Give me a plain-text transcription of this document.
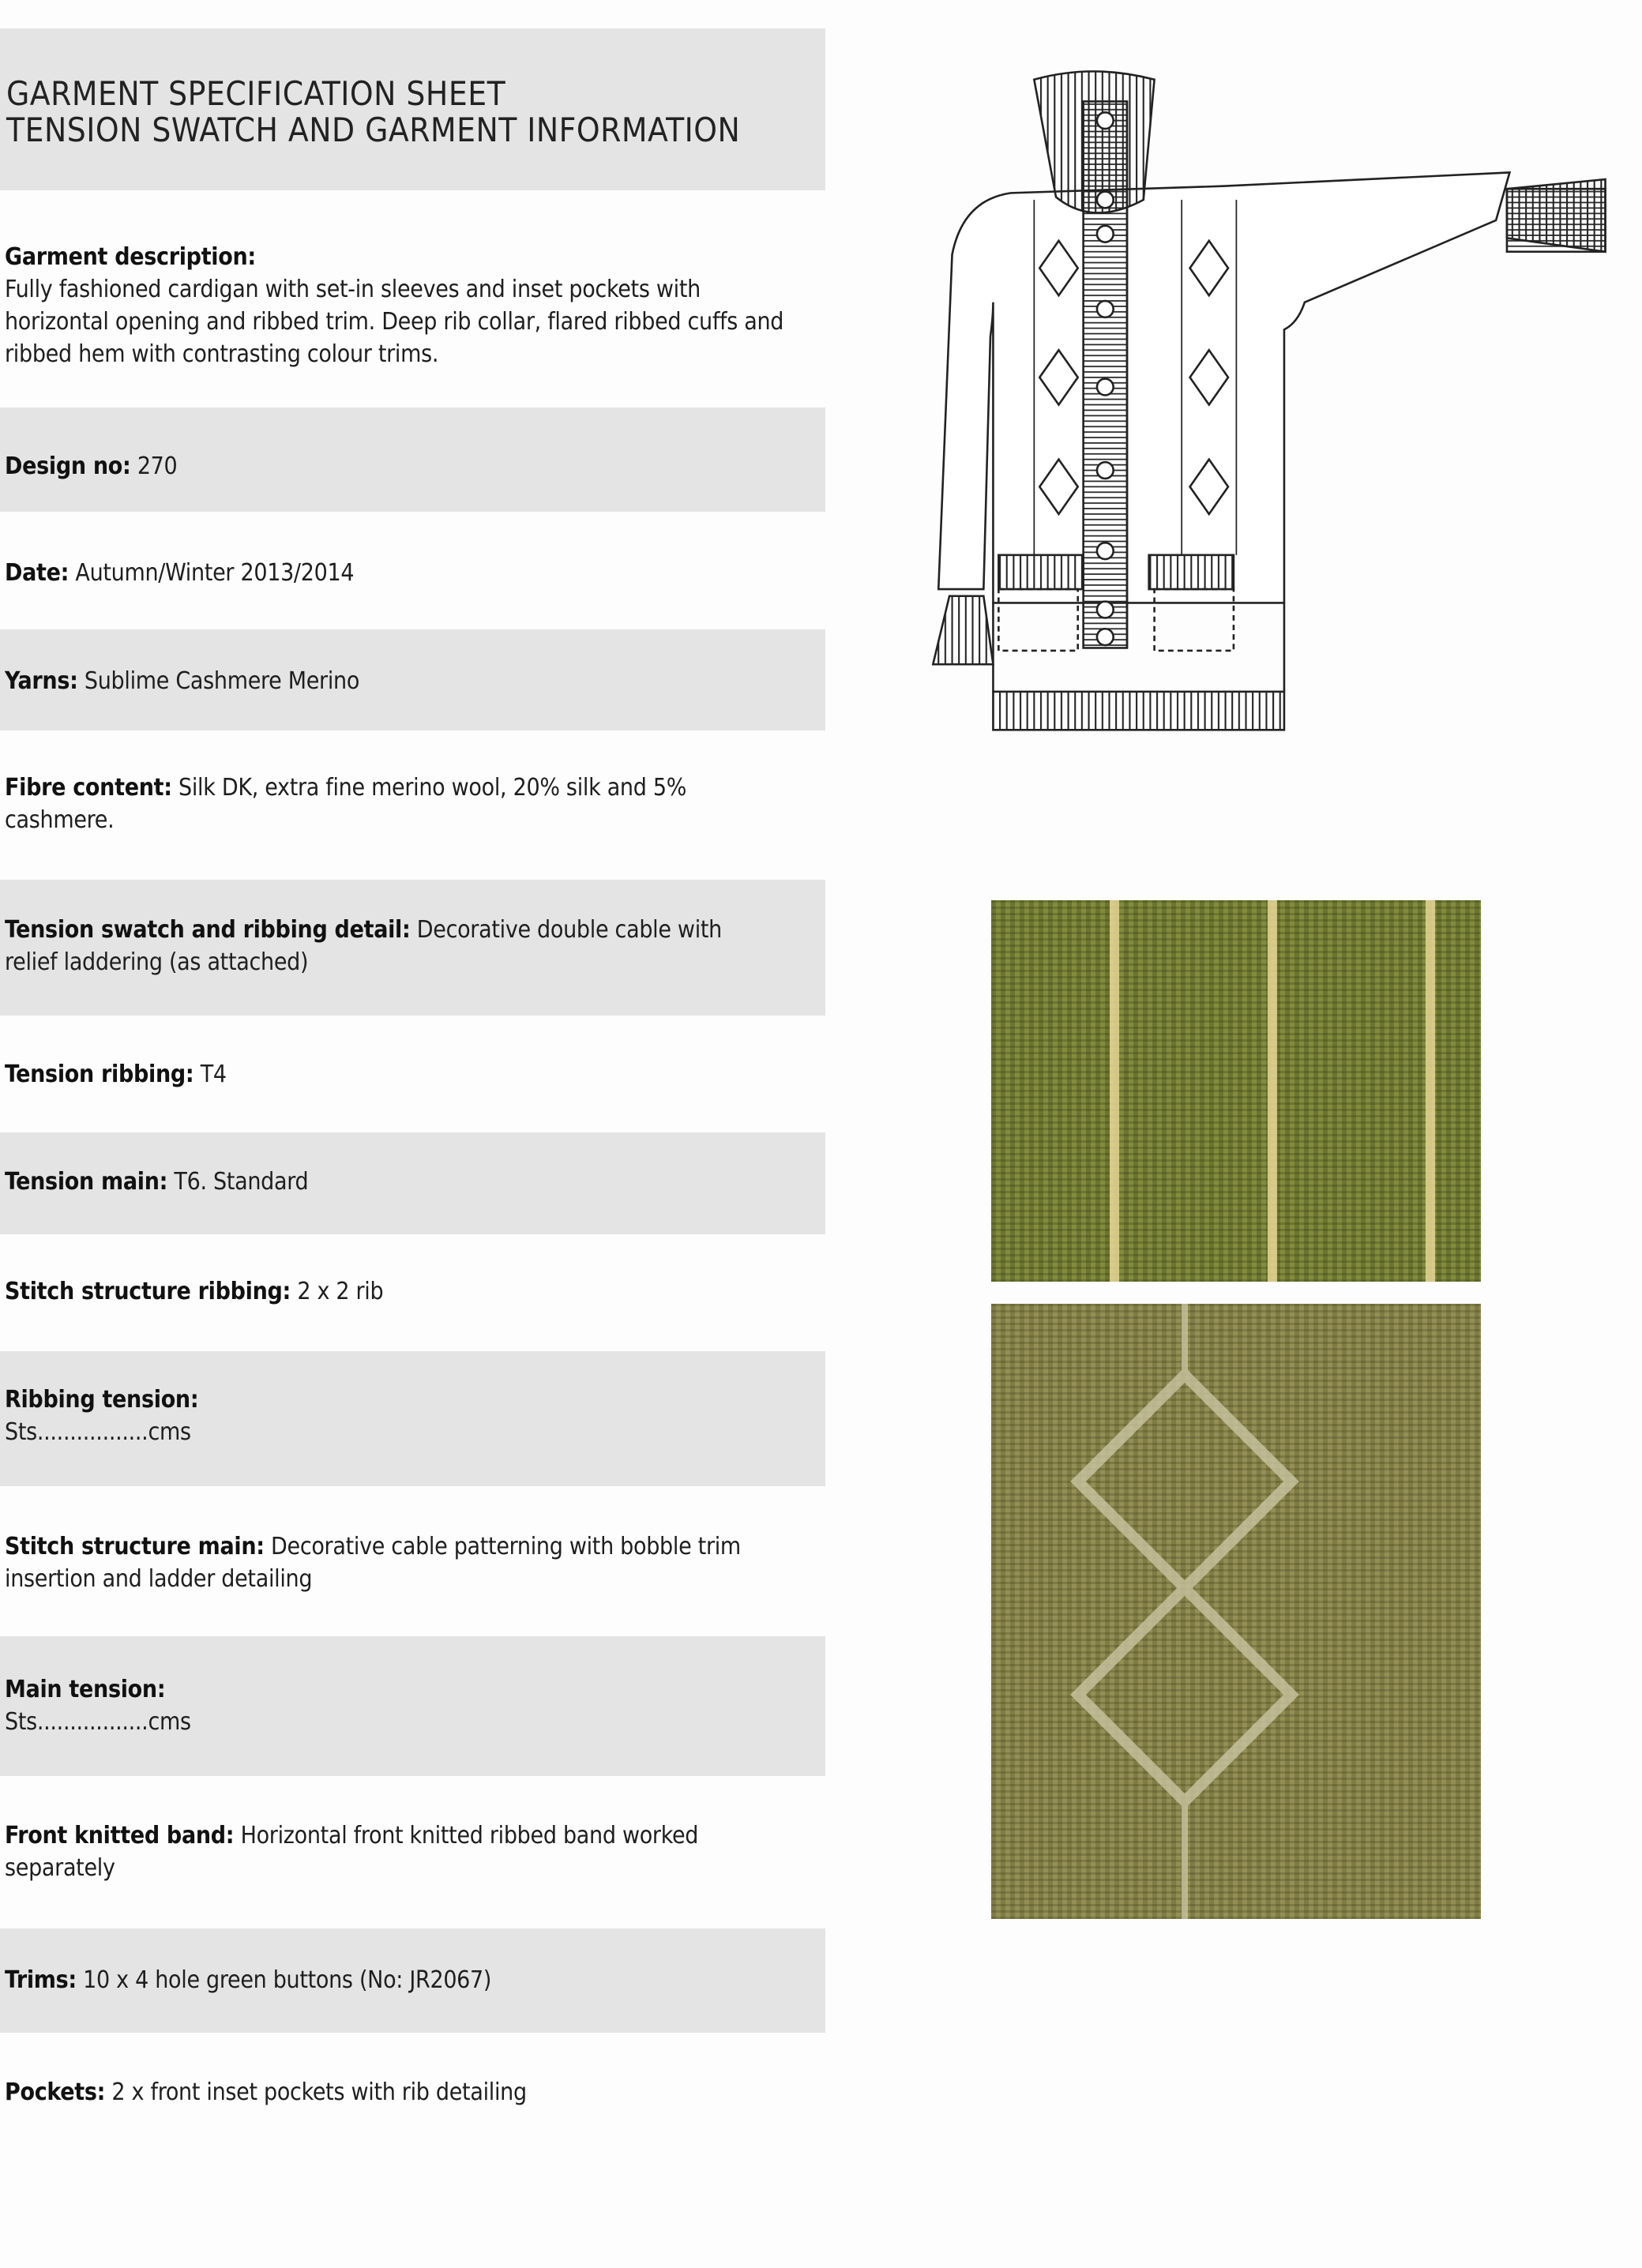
GARMENT SPECIFICATION SHEET
TENSION SWATCH AND GARMENT INFORMATION
Garment description:
Fully fashioned cardigan with set-in sleeves and inset pockets with horizontal opening and ribbed trim. Deep rib collar, flared ribbed cuffs and ribbed hem with contrasting colour trims.
Design no: 270
Date: Autumn/Winter 2013/2014
Yarns: Sublime Cashmere Merino
Fibre content: Silk DK, extra fine merino wool, 20% silk and 5% cashmere.
Tension swatch and ribbing detail: Decorative double cable with relief laddering (as attached)
Tension ribbing: T4
Tension main: T6. Standard
Stitch structure ribbing: 2 x 2 rib
Ribbing tension:
Sts.................cms
Stitch structure main: Decorative cable patterning with bobble trim insertion and ladder detailing
Main tension:
Sts.................cms
Front knitted band: Horizontal front knitted ribbed band worked separately
Trims: 10 x 4 hole green buttons (No: JR2067)
Pockets: 2 x front inset pockets with rib detailing
